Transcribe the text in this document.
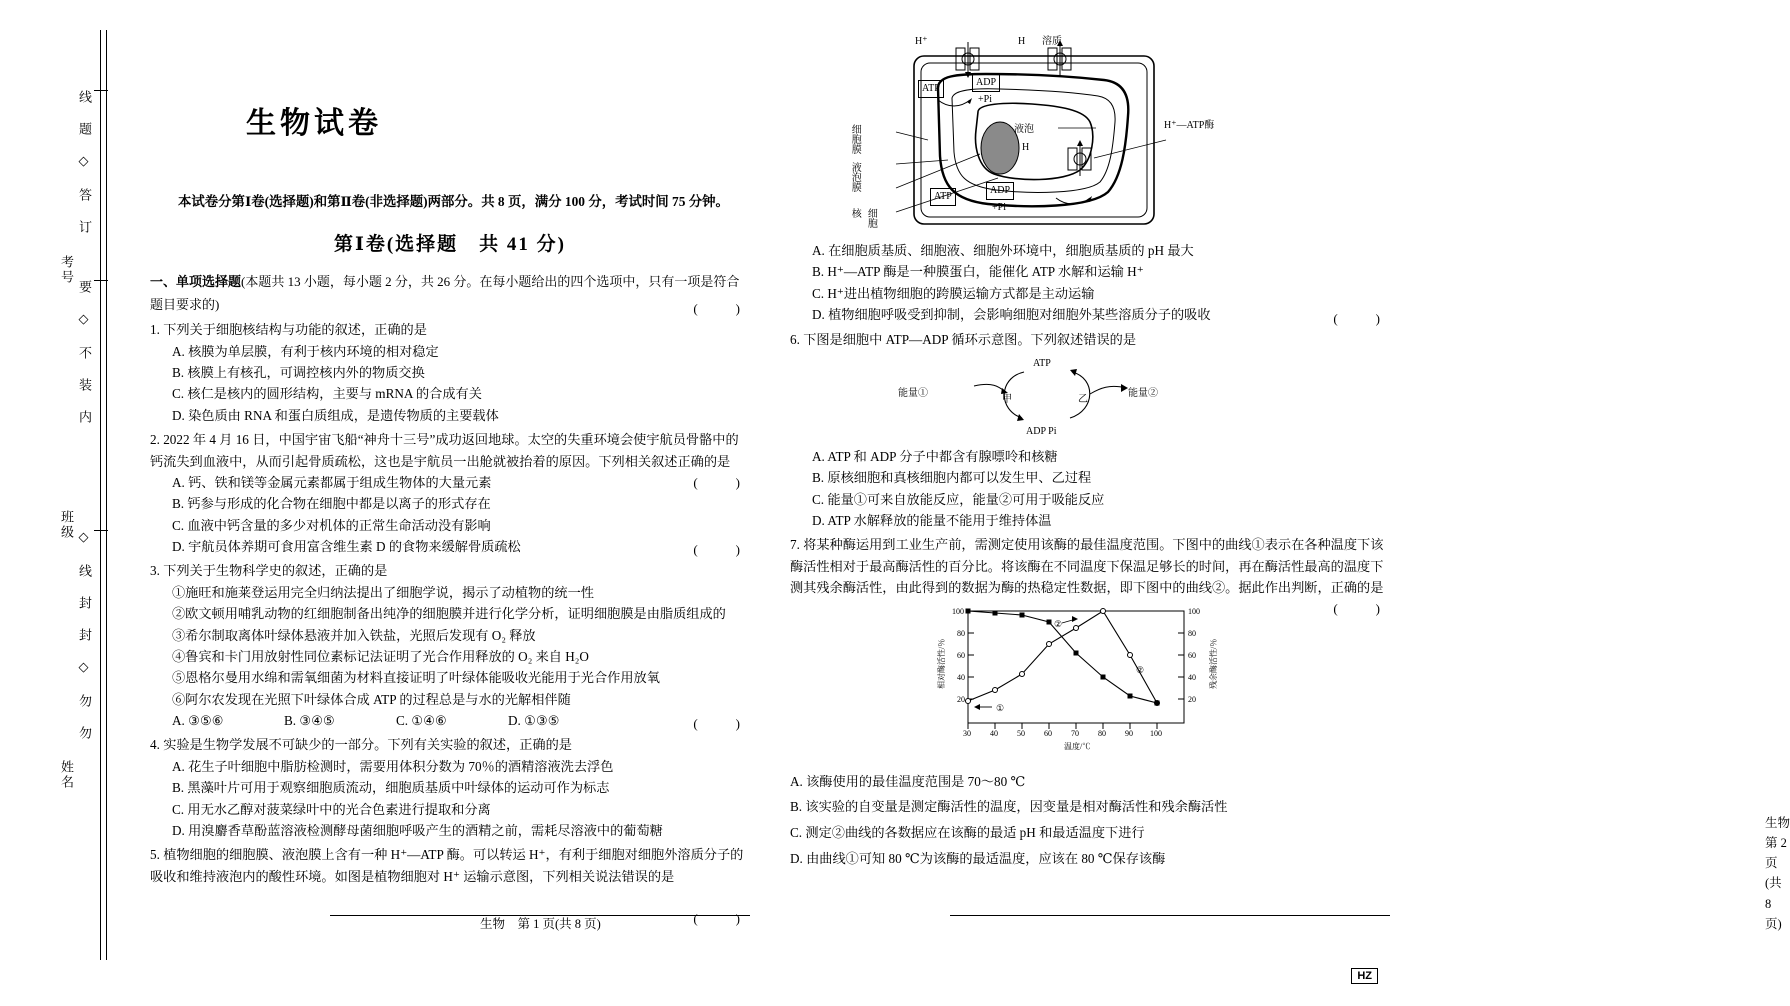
线 题 ◇ 答 订
要 ◇ 不 装 内
◇ 线 封 封 ◇ 勿 勿
考号
班级
姓名
生物试卷
本试卷分第Ⅰ卷(选择题)和第Ⅱ卷(非选择题)两部分。共 8 页，满分 100 分，考试时间 75 分钟。
第Ⅰ卷(选择题　共 41 分)
一、单项选择题(本题共 13 小题，每小题 2 分，共 26 分。在每小题给出的四个选项中，只有一项是符合题目要求的)
1. 下列关于细胞核结构与功能的叙述，正确的是
(　　)
A. 核膜为单层膜，有利于核内环境的相对稳定
B. 核膜上有核孔，可调控核内外的物质交换
C. 核仁是核内的圆形结构，主要与 mRNA 的合成有关
D. 染色质由 RNA 和蛋白质组成，是遗传物质的主要载体
2. 2022 年 4 月 16 日，中国宇宙飞船“神舟十三号”成功返回地球。太空的失重环境会使宇航员骨骼中的钙流失到血液中，从而引起骨质疏松，这也是宇航员一出舱就被抬着的原因。下列相关叙述正确的是
(　　)
A. 钙、铁和镁等金属元素都属于组成生物体的大量元素
B. 钙参与形成的化合物在细胞中都是以离子的形式存在
C. 血液中钙含量的多少对机体的正常生命活动没有影响
D. 宇航员体养期可食用富含维生素 D 的食物来缓解骨质疏松
3. 下列关于生物科学史的叙述，正确的是
(　　)
①施旺和施莱登运用完全归纳法提出了细胞学说，揭示了动植物的统一性
②欧文顿用哺乳动物的红细胞制备出纯净的细胞膜并进行化学分析，证明细胞膜是由脂质组成的
③希尔制取离体叶绿体悬液并加入铁盐，光照后发现有 O₂ 释放
④鲁宾和卡门用放射性同位素标记法证明了光合作用释放的 O₂ 来自 H₂O
⑤恩格尔曼用水绵和需氧细菌为材料直接证明了叶绿体能吸收光能用于光合作用放氧
⑥阿尔农发现在光照下叶绿体合成 ATP 的过程总是与水的光解相伴随
A. ③⑤⑥	B. ③④⑤	C. ①④⑥	D. ①③⑤
4. 实验是生物学发展不可缺少的一部分。下列有关实验的叙述，正确的是
(　　)
A. 花生子叶细胞中脂肪检测时，需要用体积分数为 70％的酒精溶液洗去浮色
B. 黑藻叶片可用于观察细胞质流动，细胞质基质中叶绿体的运动可作为标志
C. 用无水乙醇对菠菜绿叶中的光合色素进行提取和分离
D. 用溴麝香草酚蓝溶液检测酵母菌细胞呼吸产生的酒精之前，需耗尽溶液中的葡萄糖
5. 植物细胞的细胞膜、液泡膜上含有一种 H⁺—ATP 酶。可以转运 H⁺，有利于细胞对细胞外溶质分子的吸收和维持液泡内的酸性环境。如图是植物细胞对 H⁺ 运输示意图，下列相关说法错误的是
(　　)
生物　第 1 页(共 8 页)
H⁺	H 溶质
ATP
ADP
+Pi
细胞膜	液泡
H
液泡膜
细胞核

H⁺—ATP酶
ATP
ADP
+Pi
A. 在细胞质基质、细胞液、细胞外环境中，细胞质基质的 pH 最大
B. H⁺—ATP 酶是一种膜蛋白，能催化 ATP 水解和运输 H⁺
C. H⁺进出植物细胞的跨膜运输方式都是主动运输
D. 植物细胞呼吸受到抑制，会影响细胞对细胞外某些溶质分子的吸收
6. 下图是细胞中 ATP—ADP 循环示意图。下列叙述错误的是
(　　)
ATP
ADP Pi
能量①	能量②
甲	乙
A. ATP 和 ADP 分子中都含有腺嘌呤和核糖
B. 原核细胞和真核细胞内都可以发生甲、乙过程
C. 能量①可来自放能反应，能量②可用于吸能反应
D. ATP 水解释放的能量不能用于维持体温
7. 将某种酶运用到工业生产前，需测定使用该酶的最佳温度范围。下图中的曲线①表示在各种温度下该酶活性相对于最高酶活性的百分比。将该酶在不同温度下保温足够长的时间，再在酶活性最高的温度下测其残余酶活性，由此得到的数据为酶的热稳定性数据，即下图中的曲线②。据此作出判断，正确的是
(　　)
100
80
60
40
20
100
80
60
40
20
30 40 50 60 70 80 90 100
温度/℃
相对酶活性/％	残余酶活性/％
①
②
②
A. 该酶使用的最佳温度范围是 70～80 ℃
B. 该实验的自变量是测定酶活性的温度，因变量是相对酶活性和残余酶活性
C. 测定②曲线的各数据应在该酶的最适 pH 和最适温度下进行
D. 由曲线①可知 80 ℃为该酶的最适温度，应该在 80 ℃保存该酶
生物　第 2 页(共 8 页)
HZ
